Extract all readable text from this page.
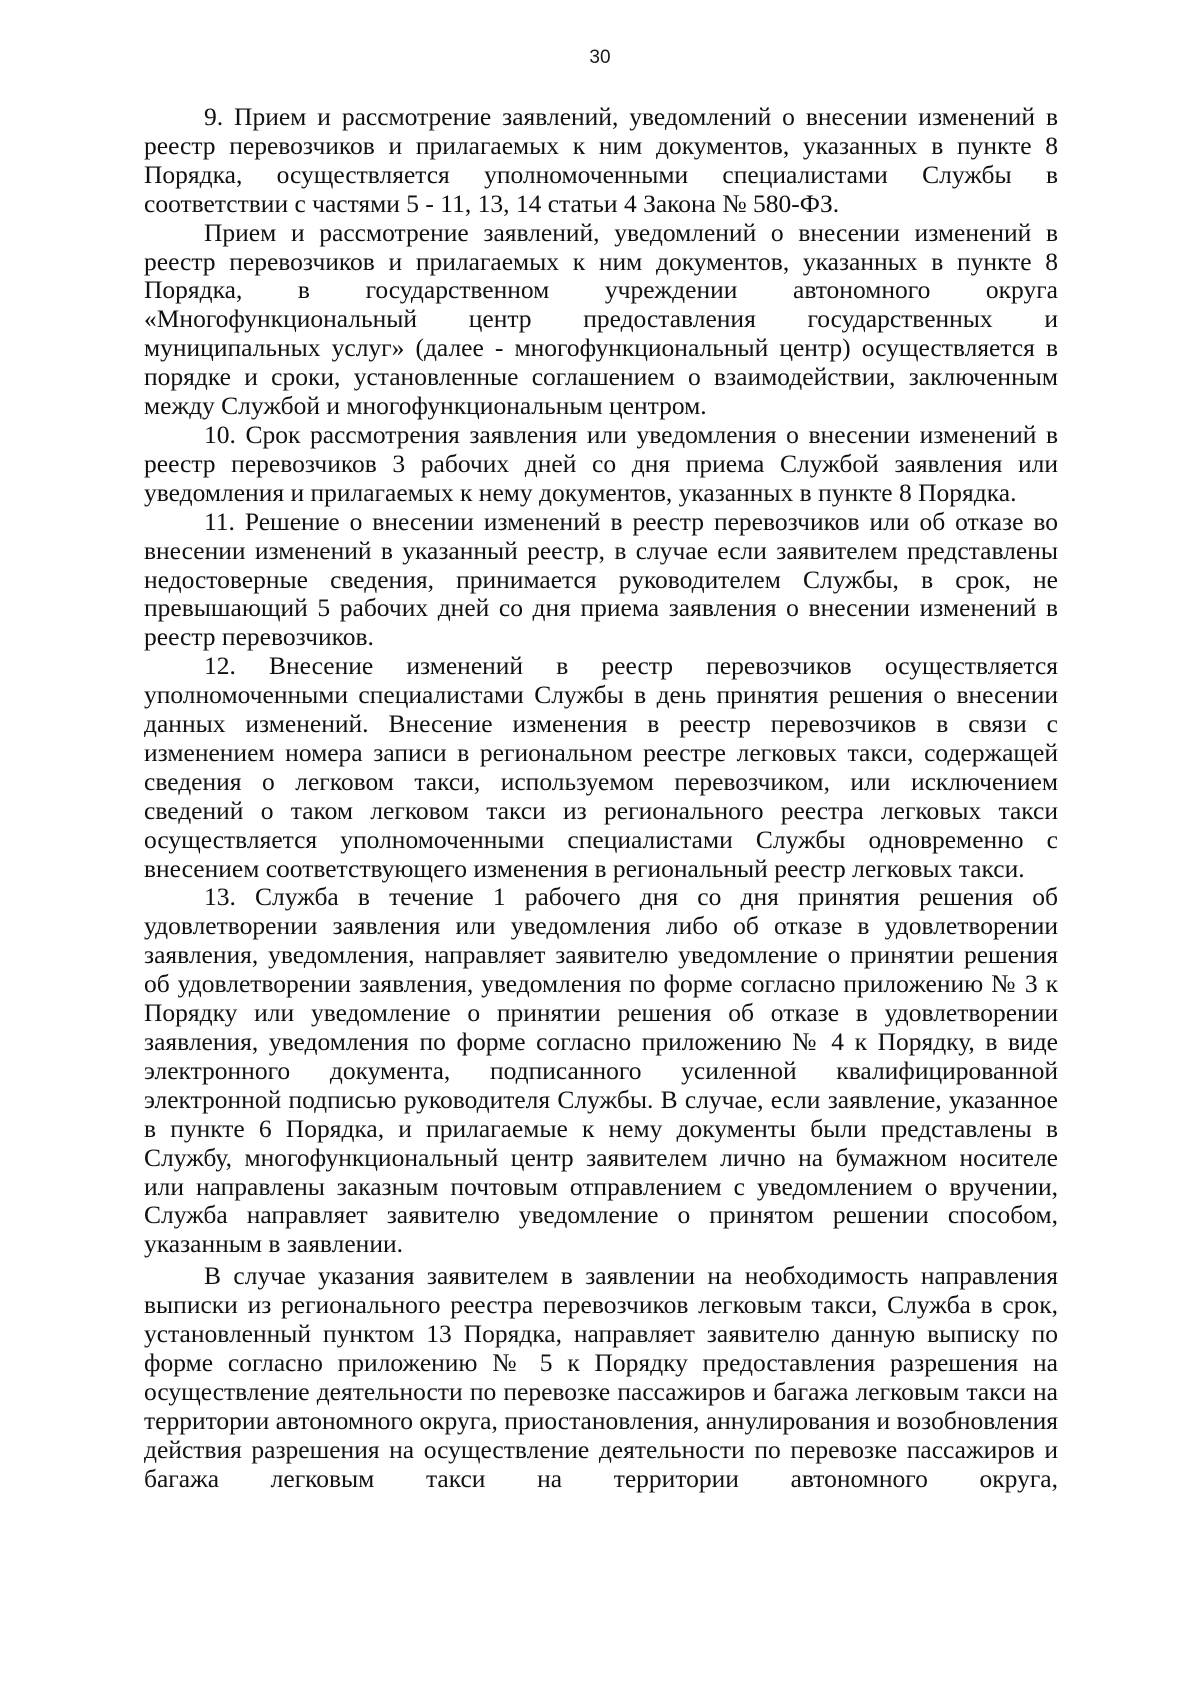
30

9. Прием и рассмотрение заявлений, уведомлений о внесении изменений в реестр перевозчиков и прилагаемых к ним документов, указанных в пункте 8 Порядка, осуществляется уполномоченными специалистами Службы в соответствии с частями 5 - 11, 13, 14 статьи 4 Закона № 580-ФЗ.

Прием и рассмотрение заявлений, уведомлений о внесении изменений в реестр перевозчиков и прилагаемых к ним документов, указанных в пункте 8 Порядка, в государственном учреждении автономного округа «Многофункциональный центр предоставления государственных и муниципальных услуг» (далее - многофункциональный центр) осуществляется в порядке и сроки, установленные соглашением о взаимодействии, заключенным между Службой и многофункциональным центром.

10. Срок рассмотрения заявления или уведомления о внесении изменений в реестр перевозчиков 3 рабочих дней со дня приема Службой заявления или уведомления и прилагаемых к нему документов, указанных в пункте 8 Порядка.

11. Решение о внесении изменений в реестр перевозчиков или об отказе во внесении изменений в указанный реестр, в случае если заявителем представлены недостоверные сведения, принимается руководителем Службы, в срок, не превышающий 5 рабочих дней со дня приема заявления о внесении изменений в реестр перевозчиков.

12. Внесение изменений в реестр перевозчиков осуществляется уполномоченными специалистами Службы в день принятия решения о внесении данных изменений. Внесение изменения в реестр перевозчиков в связи с изменением номера записи в региональном реестре легковых такси, содержащей сведения о легковом такси, используемом перевозчиком, или исключением сведений о таком легковом такси из регионального реестра легковых такси осуществляется уполномоченными специалистами Службы одновременно с внесением соответствующего изменения в региональный реестр легковых такси.

13. Служба в течение 1 рабочего дня со дня принятия решения об удовлетворении заявления или уведомления либо об отказе в удовлетворении заявления, уведомления, направляет заявителю уведомление о принятии решения об удовлетворении заявления, уведомления по форме согласно приложению № 3 к Порядку или уведомление о принятии решения об отказе в удовлетворении заявления, уведомления по форме согласно приложению № 4 к Порядку, в виде электронного документа, подписанного усиленной квалифицированной электронной подписью руководителя Службы. В случае, если заявление, указанное в пункте 6 Порядка, и прилагаемые к нему документы были представлены в Службу, многофункциональный центр заявителем лично на бумажном носителе или направлены заказным почтовым отправлением с уведомлением о вручении, Служба направляет заявителю уведомление о принятом решении способом, указанным в заявлении.

В случае указания заявителем в заявлении на необходимость направления выписки из регионального реестра перевозчиков легковым такси, Служба в срок, установленный пунктом 13 Порядка, направляет заявителю данную выписку по форме согласно приложению № 5 к Порядку предоставления разрешения на осуществление деятельности по перевозке пассажиров и багажа легковым такси на территории автономного округа, приостановления, аннулирования и возобновления действия разрешения на осуществление деятельности по перевозке пассажиров и багажа легковым такси на территории автономного округа,
